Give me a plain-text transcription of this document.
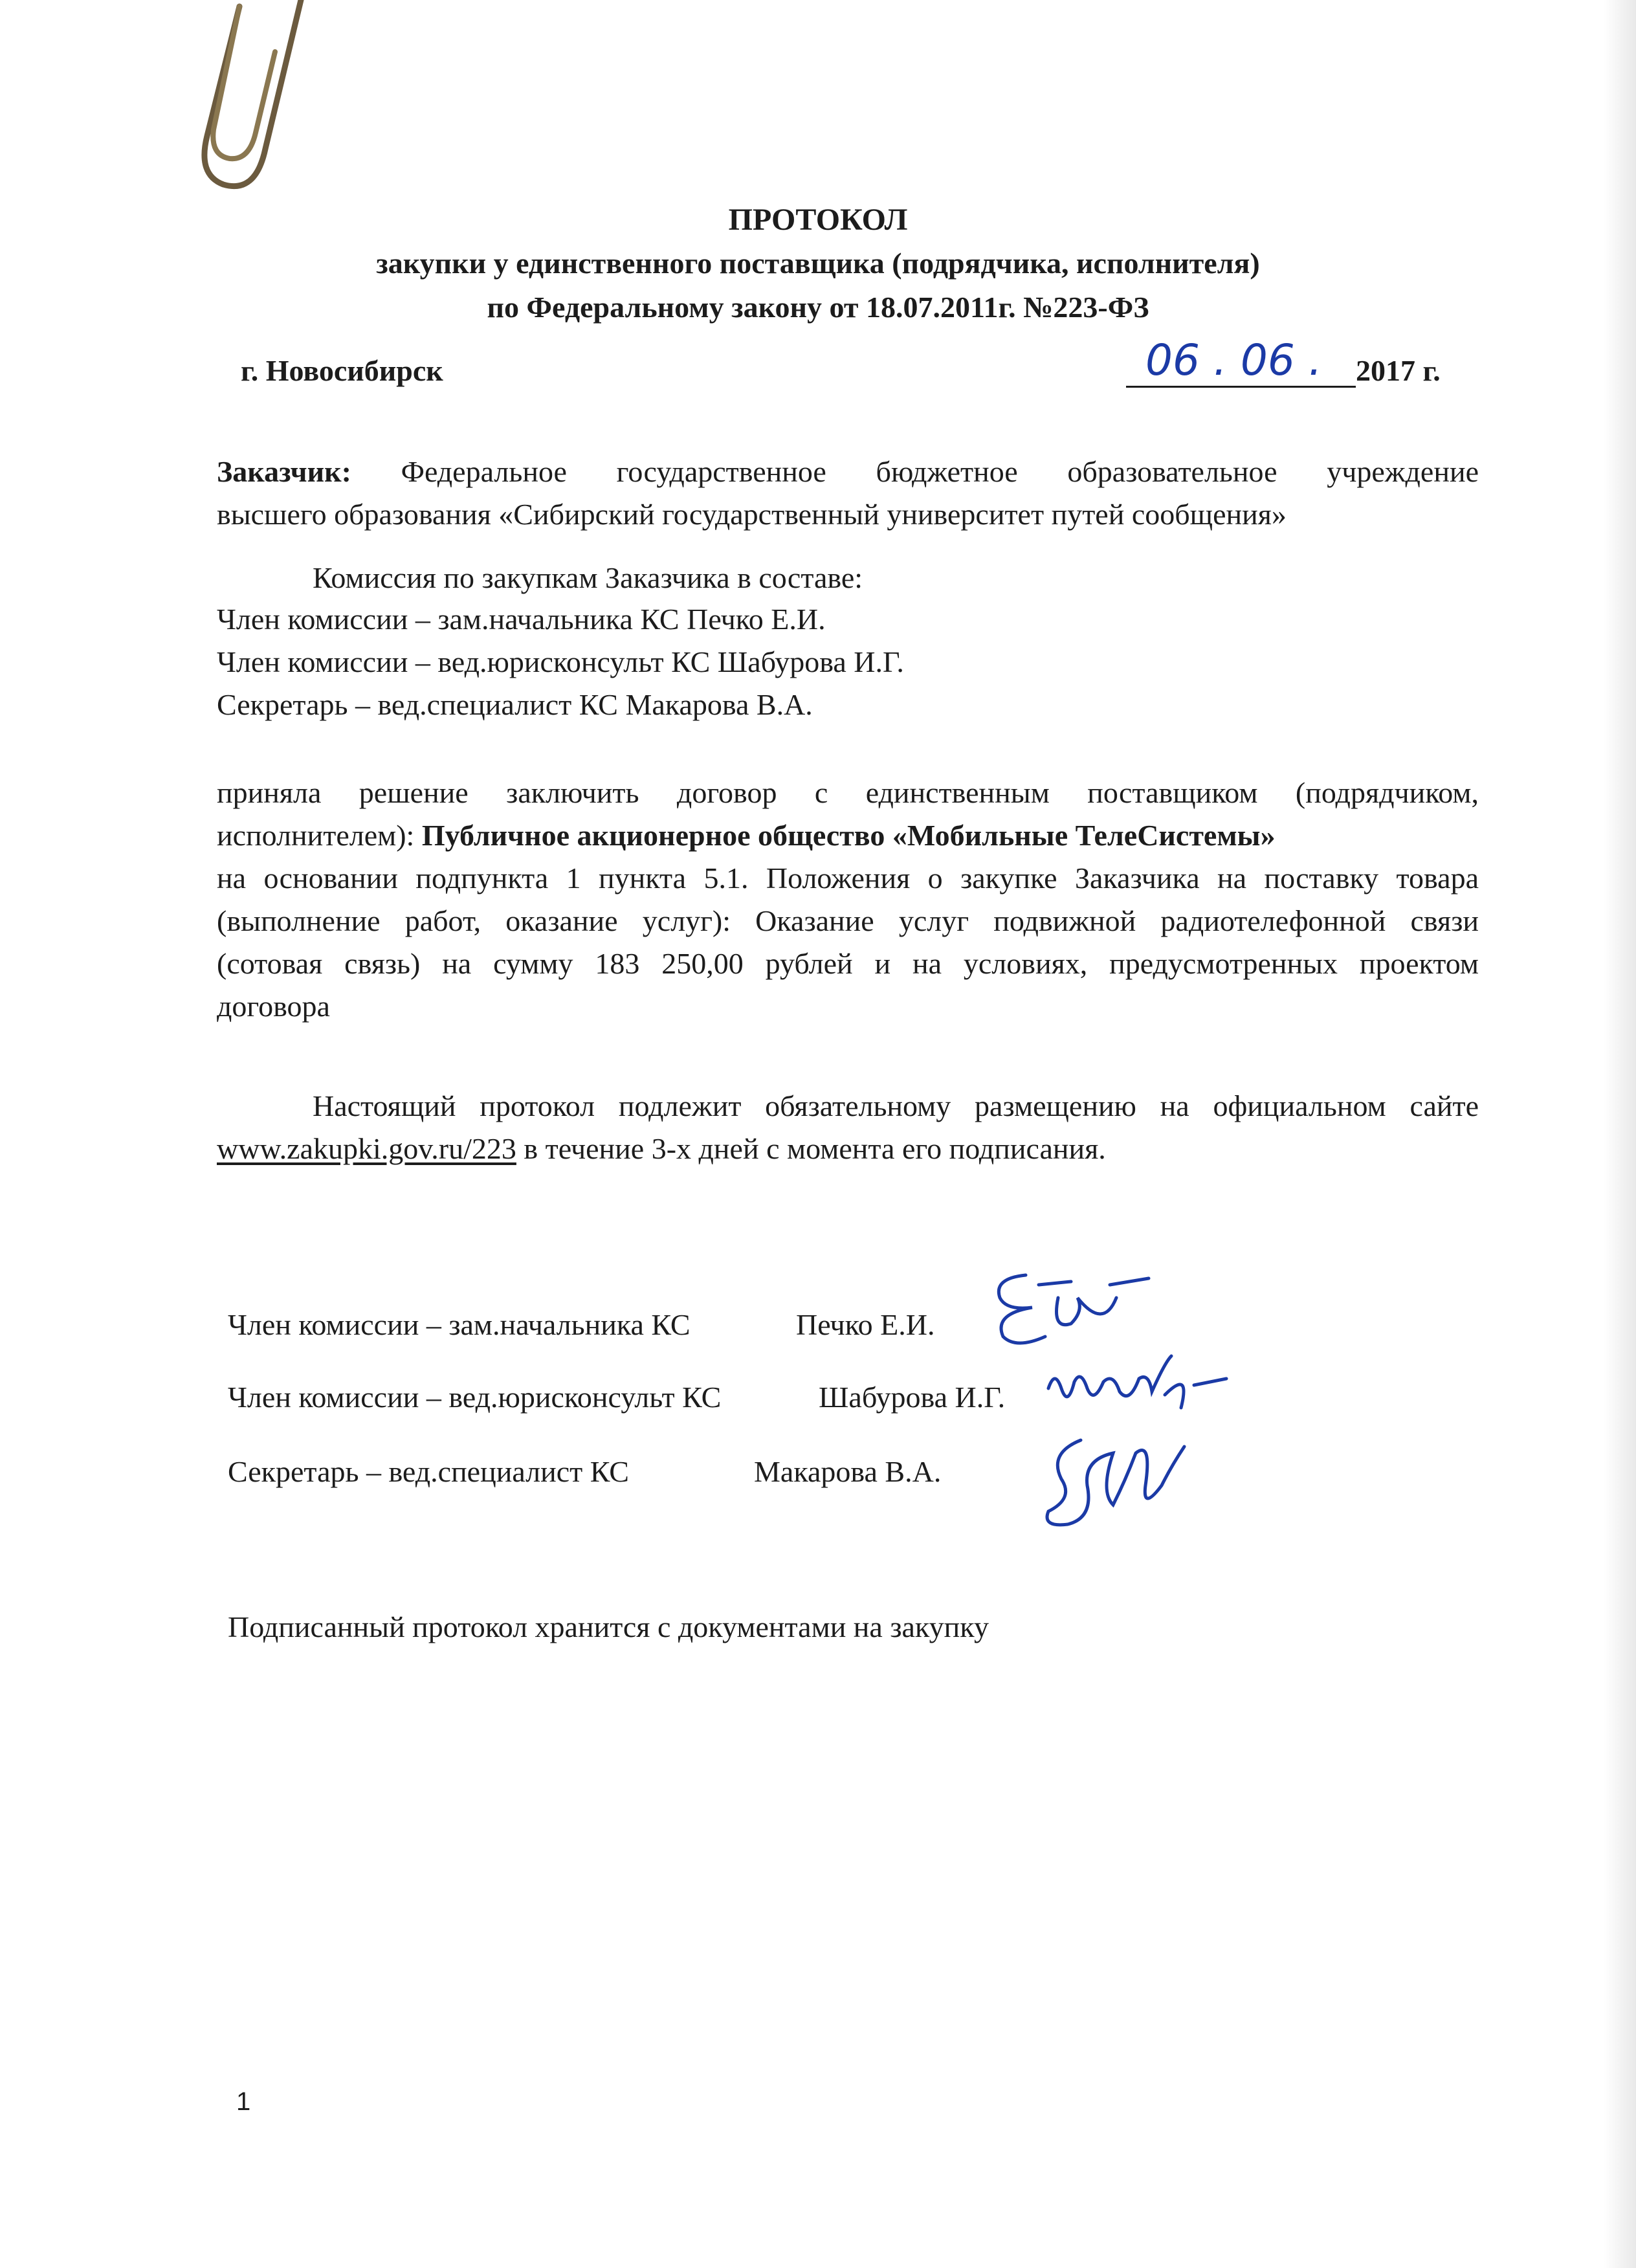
ПРОТОКОЛ
закупки у единственного поставщика (подрядчика, исполнителя)
по Федеральному закону от 18.07.2011г. №223-ФЗ
г. Новосибирск	06 . 06 . 2017 г.
Заказчик: Федеральное государственное бюджетное образовательное учреждение
высшего образования «Сибирский государственный университет путей сообщения»
Комиссия по закупкам Заказчика в составе:
Член комиссии – зам.начальника КС Печко Е.И.
Член комиссии – вед.юрисконсульт КС Шабурова И.Г.
Секретарь – вед.специалист КС Макарова В.А.
приняла решение заключить договор с единственным поставщиком (подрядчиком,
исполнителем): Публичное акционерное общество «Мобильные ТелеСистемы»
на основании подпункта 1 пункта 5.1. Положения о закупке Заказчика на поставку товара
(выполнение работ, оказание услуг): Оказание услуг подвижной радиотелефонной связи
(сотовая связь) на сумму 183 250,00 рублей и на условиях, предусмотренных проектом
договора
Настоящий протокол подлежит обязательному размещению на официальном сайте
www.zakupki.gov.ru/223 в течение 3-х дней с момента его подписания.
Член комиссии – зам.начальника КС	Печко Е.И.
Член комиссии – вед.юрисконсульт КС	Шабурова И.Г.
Секретарь – вед.специалист КС	Макарова В.А.
Подписанный протокол хранится с документами на закупку
1
